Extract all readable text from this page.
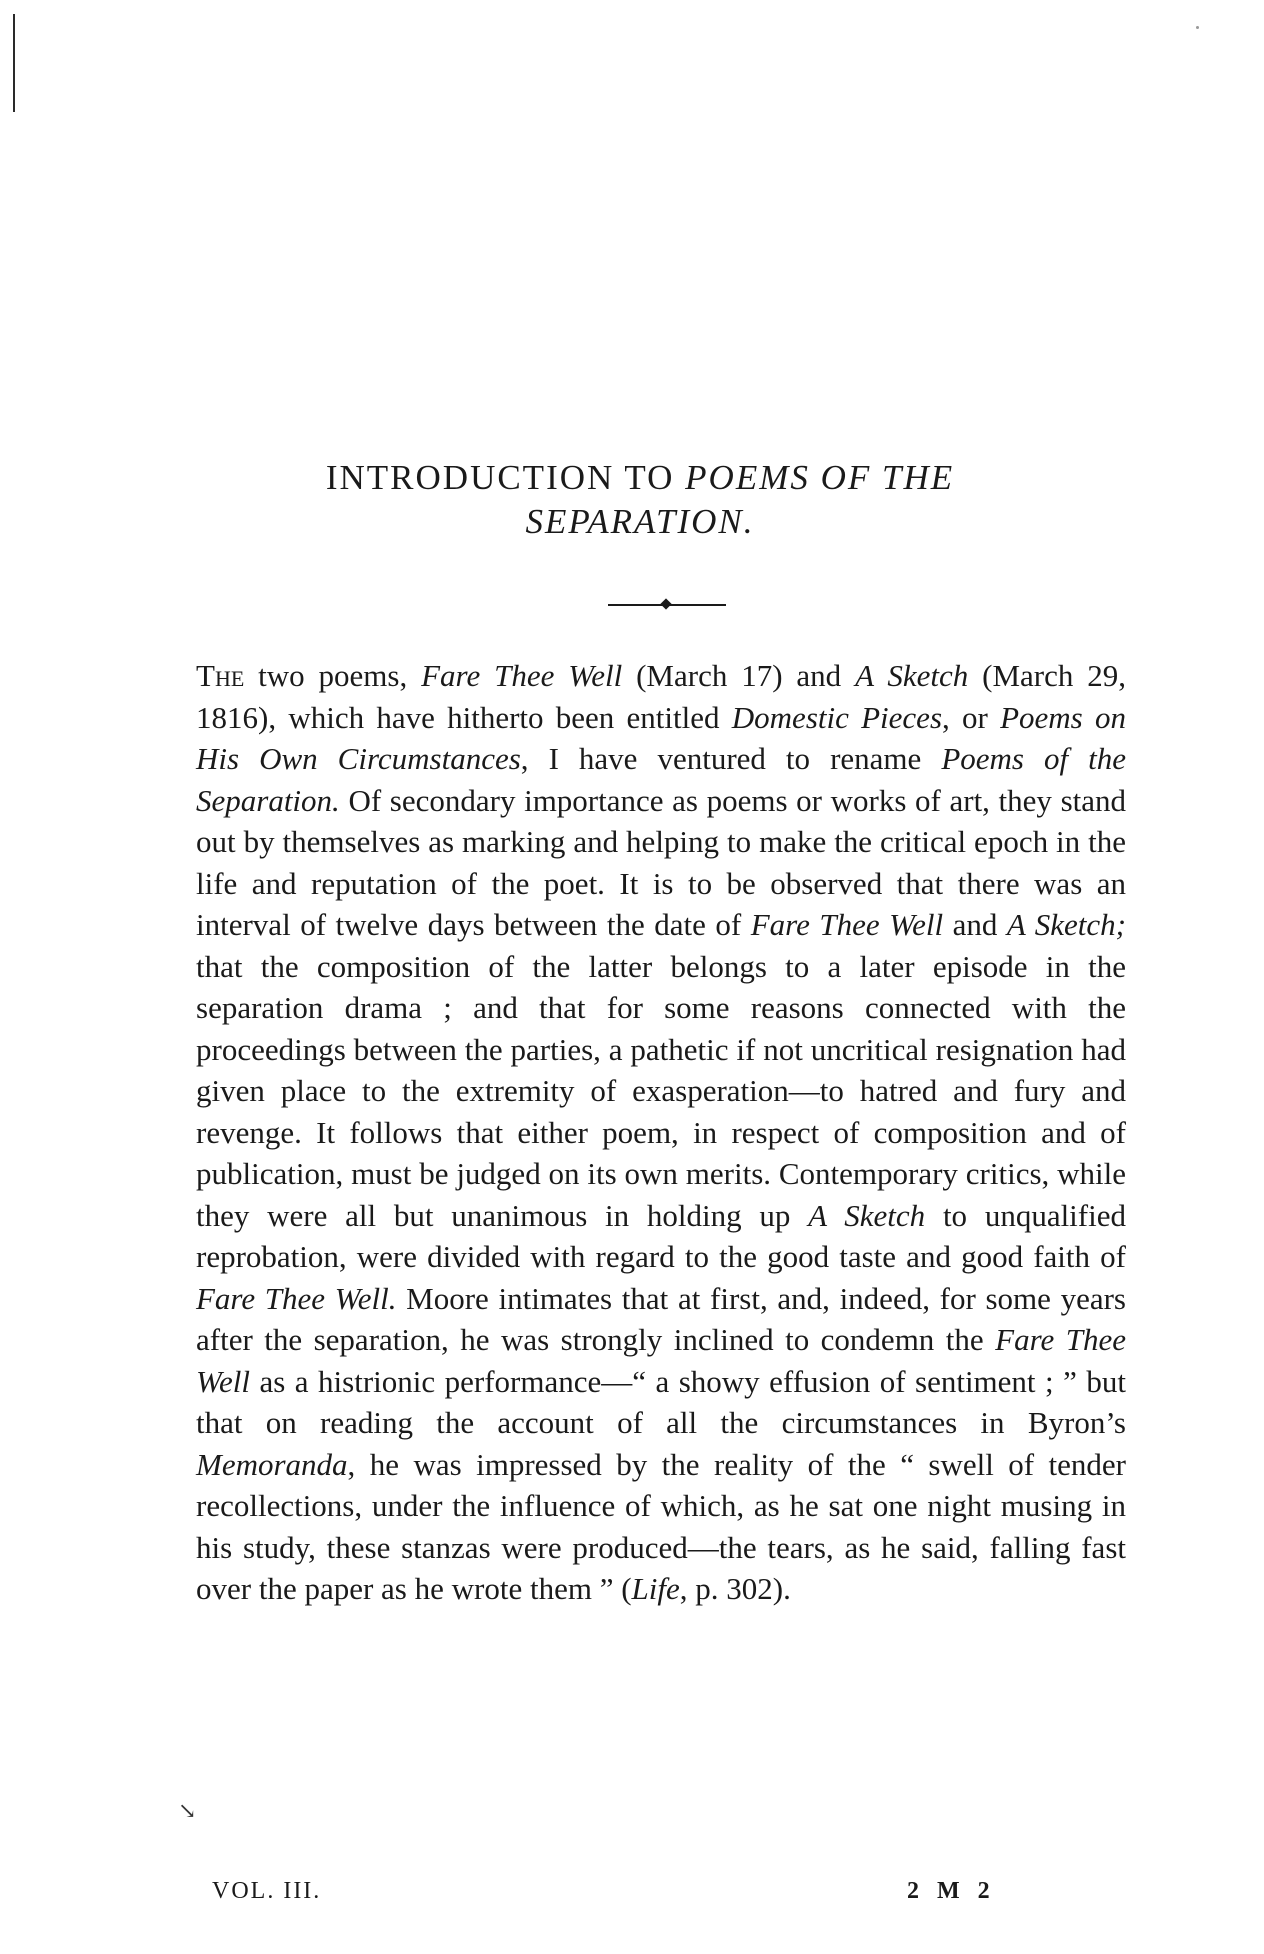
INTRODUCTION TO POEMS OF THE
SEPARATION.

The two poems, Fare Thee Well (March 17) and A Sketch (March 29, 1816), which have hitherto been entitled Domestic Pieces, or Poems on His Own Circumstances, I have ventured to rename Poems of the Separation. Of secondary importance as poems or works of art, they stand out by themselves as marking and helping to make the critical epoch in the life and reputation of the poet. It is to be observed that there was an interval of twelve days between the date of Fare Thee Well and A Sketch; that the composition of the latter belongs to a later episode in the separation drama ; and that for some reasons connected with the proceedings between the parties, a pathetic if not uncritical resignation had given place to the extremity of exasperation—to hatred and fury and revenge. It follows that either poem, in respect of composition and of publication, must be judged on its own merits. Contemporary critics, while they were all but unanimous in holding up A Sketch to unqualified reprobation, were divided with regard to the good taste and good faith of Fare Thee Well. Moore intimates that at first, and, indeed, for some years after the separation, he was strongly inclined to condemn the Fare Thee Well as a histrionic performance—“ a showy effusion of sentiment ; ” but that on reading the account of all the circumstances in Byron’s Memoranda, he was impressed by the reality of the “ swell of tender recollections, under the influence of which, as he sat one night musing in his study, these stanzas were produced—the tears, as he said, falling fast over the paper as he wrote them ” (Life, p. 302).

↘
VOL. III.	2 M 2
